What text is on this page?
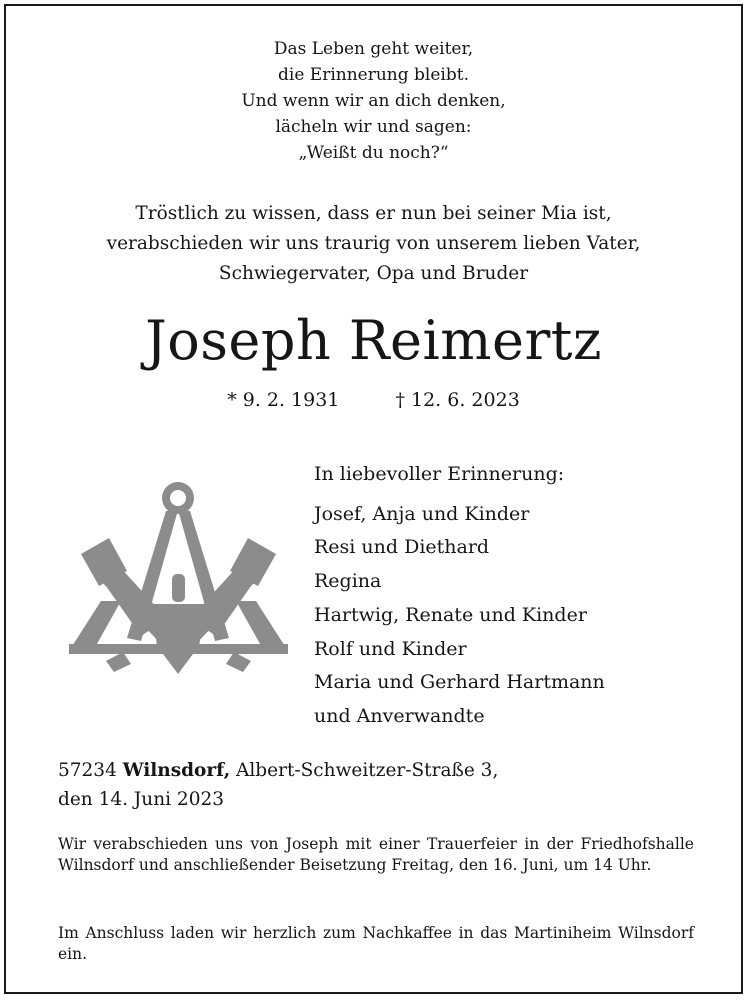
Das Leben geht weiter,
die Erinnerung bleibt.
Und wenn wir an dich denken,
lächeln wir und sagen:
„Weißt du noch?“
Tröstlich zu wissen, dass er nun bei seiner Mia ist,
verabschieden wir uns traurig von unserem lieben Vater,
Schwiegervater, Opa und Bruder
Joseph Reimertz
* 9. 2. 1931	† 12. 6. 2023
In liebevoller Erinnerung:
Josef, Anja und Kinder
Resi und Diethard
Regina
Hartwig, Renate und Kinder
Rolf und Kinder
Maria und Gerhard Hartmann
und Anverwandte
57234 Wilnsdorf, Albert-Schweitzer-Straße 3,
den 14. Juni 2023
Wir verabschieden uns von Joseph mit einer Trauerfeier in der Friedhofshalle Wilnsdorf und anschließender Beisetzung Freitag, den 16. Juni, um 14 Uhr.
Im Anschluss laden wir herzlich zum Nachkaffee in das Martiniheim Wilnsdorf ein.
